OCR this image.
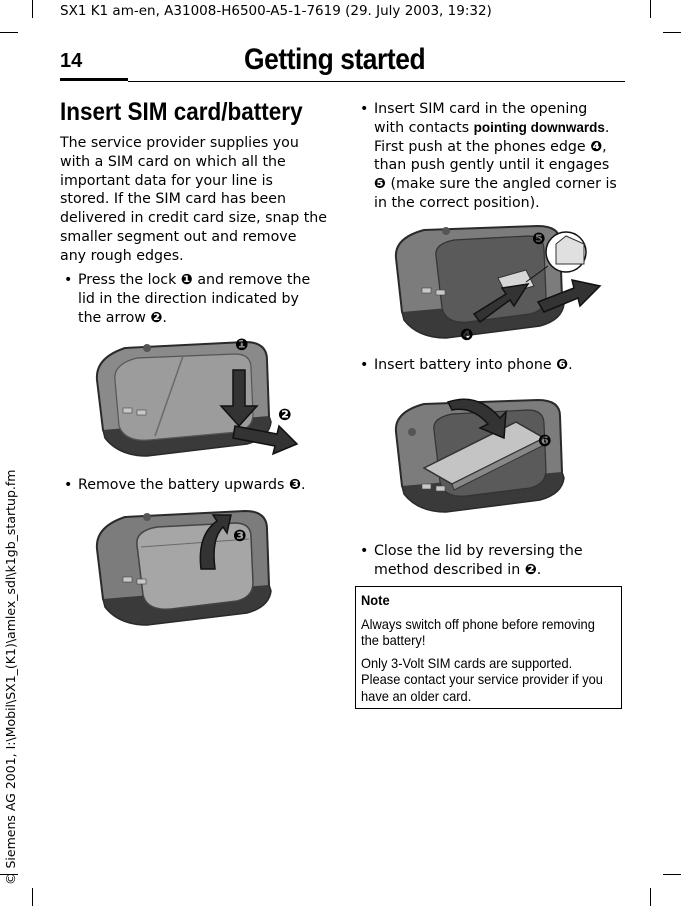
SX1 K1 am-en, A31008-H6500-A5-1-7619 (29. July 2003, 19:32)
© Siemens AG 2001, I:\Mobil\SX1_(K1)\amlex_sdl\k1gb_startup.fm
14	Getting started
Insert SIM card/battery
The service provider supplies you
with a SIM card on which all the
important data for your line is
stored. If the SIM card has been
delivered in credit card size, snap the
smaller segment out and remove
any rough edges.
• Press the lock ❶ and remove the
lid in the direction indicated by
the arrow ❷.
❶
❷
• Remove the battery upwards ❸.
❸
• Insert SIM card in the opening
with contacts pointing downwards.
First push at the phones edge ❹,
than push gently until it engages
❺ (make sure the angled corner is
in the correct position).
❺
❹
• Insert battery into phone ❻.
❻
• Close the lid by reversing the
method described in ❷.
Note
Always switch off phone before removing
the battery!
Only 3-Volt SIM cards are supported.
Please contact your service provider if you
have an older card.
